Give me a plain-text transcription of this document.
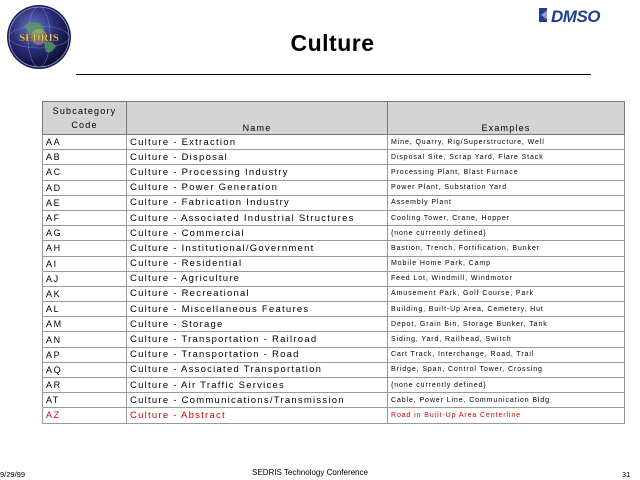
SEDRIS
DMSO
Culture
Subcategory
Code	Name	Examples
AA	Culture - Extraction	Mine, Quarry, Rig/Superstructure, Well
AB	Culture - Disposal	Disposal Site, Scrap Yard, Flare Stack
AC	Culture - Processing Industry	Processing Plant, Blast Furnace
AD	Culture - Power Generation	Power Plant, Substation Yard
AE	Culture - Fabrication Industry	Assembly Plant
AF	Culture - Associated Industrial Structures	Cooling Tower, Crane, Hopper
AG	Culture - Commercial	{none currently defined}
AH	Culture - Institutional/Government	Bastion, Trench, Fortification, Bunker
AI	Culture - Residential	Mobile Home Park, Camp
AJ	Culture - Agriculture	Feed Lot, Windmill, Windmotor
AK	Culture - Recreational	Amusement Park, Golf Course, Park
AL	Culture - Miscellaneous Features	Building, Built-Up Area, Cemetery, Hut
AM	Culture - Storage	Depot, Grain Bin, Storage Bunker, Tank
AN	Culture - Transportation - Railroad	Siding, Yard, Railhead, Switch
AP	Culture - Transportation - Road	Cart Track, Interchange, Road, Trail
AQ	Culture - Associated Transportation	Bridge, Span, Control Tower, Crossing
AR	Culture - Air Traffic Services	{none currently defined}
AT	Culture - Communications/Transmission	Cable, Power Line, Communication Bldg
AZ	Culture - Abstract	Road in Built-Up Area Centerline
9/29/99	SEDRIS Technology Conference	31
